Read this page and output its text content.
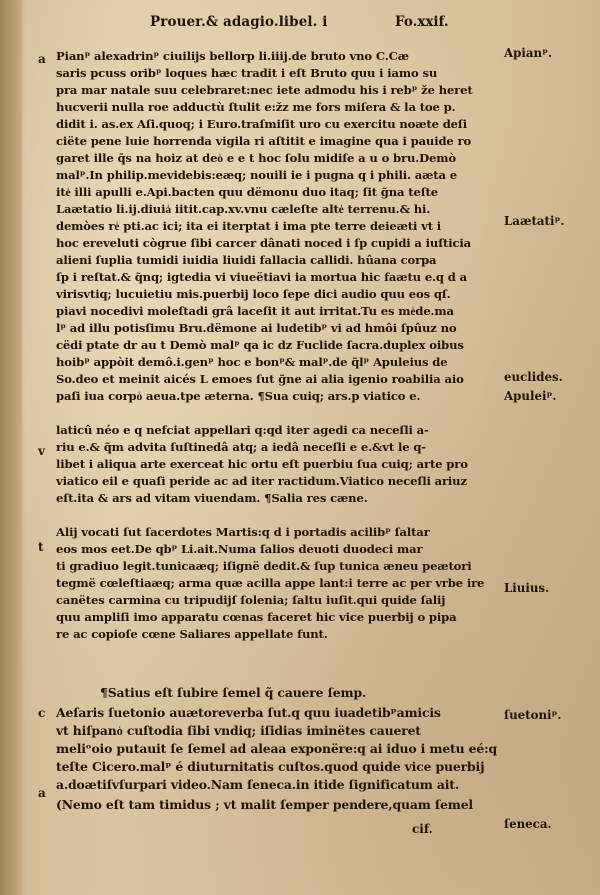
Prouer.& adagio.libel. i	Fo.xxif.
a
v
t
c
a
Pianᵖ alexadrinᵖ ciuilijs bellorp li.iiij.de bruto vno C.Cæ
saris pcuss oribᵖ loques hæc tradit i eſt Bruto quu i iamo su
pra mar natale suu celebraret:nec iete admodu his i rebᵖ že heret
hucverii nulla roe adductù ſtulit e:žz me fors miſera & la toe p.
didit i. as.ex Aſi.quoq; i Euro.traſmiſit uro cu exercitu noæte deſi
ciëte pene luie horrenda vigila ri aſtitit e imagine qua i pauide ro
garet ille q̄s na hoiz at deo͑ e e t hoc ſolu midiſe a u o bru.Demò
malᵖ.In philip.mevidebis:eæq; nouili ie i pugna q i phili. aæta e
ite͑ illi apulli e.Api.bacten quu dëmonu duo itaq; ſit g̃na teſte
Laætatio li.ij.diuia͑ iitit.cap.xv.vnu cæleſte alte͑ terrenu.& hi.
demòes re͑ pti.ac ici; ita ei iterptat i ima pte terre deieæti vt i
hoc ereveluti cògrue ſibi carcer dânati noced i ſp cupidi a iuſticia
alieni ſuplia tumidi iuidia liuidi fallacia callidi. hûana corpa
ſp i reſtat.& q̃nq; igtedia vi viueëtiavi ia mortua hic faætu e.q d a
virisvtiq; lucuietiu mis.puerbij loco ſepe dici audio quu eos qſ.
piavi nocedivi moleſtadi grâ laceſit it aut irritat.Tu es me͑de.ma
lᵖ ad illu potisſimu Bru.dëmone ai ludetibᵖ vi ad hmôi ſpûuz no
cëdi ptate dr au t Demò malᵖ qa ic dz Fuclide ſacra.duplex oibus
hoibᵖ appòit demô.i.genᵖ hoc e bonᵖ& malᵖ.de q̃lᵖ Apuleius de
So.deo et meinit aicés L emoes ſut g̃ne ai alia igenio roabilia aio
paſi iua corpo͑ aeua.tpe æterna. ¶Sua cuiq; ars.p viatico e.
laticû néo e q nefciat appellari q:qd iter agedi ca neceſli a-
riu e.& q̃m advita ſuſtinedâ atq; a iedâ neceſli e e.&vt le q-
libet i aliqua arte exerceat hic ortu eſt puerbiu ſua cuiq; arte pro
viatico eil e quaſi peride ac ad iter ractidum.Viatico neceſli ariuz
eſt.ita & ars ad vitam viuendam. ¶Salia res cæne.
Alij vocati ſut ſacerdotes Martis:q d i portadis acilibᵖ ſaltar
eos mos eet.De qbᵖ Li.ait.Numa ſalios deuoti duodeci mar
ti gradiuo legit.tunicaæq; iſignë dedit.& ſup tunica æneu peætori
tegmë cœleſtiaæq; arma quæ acilla appe lant:i terre ac per vrbe ire
canëtes carmina cu tripudijſ ſolenia; ſaltu iuſit.qui quide ſalij
quu ampliſi imo apparatu cœnas faceret hic vice puerbij o pipa
re ac copioſe cœne Saliares appellate funt.
¶Satius eſt ſubire ſemel q̃ cauere ſemp.
Aeſaris ſuetonio auætoreverba ſut.q quu iuadetibᵖamicis
vt hiſpano͑ cuſtodia ſibi vndiq; iſidias iminëtes caueret
meliᵒoio putauit ſe ſemel ad aleaa exponëre:q ai iduo i metu eé:q
teſte Cicero.malᵖ é diuturnitatis cuſtos.quod quide vice puerbij
a.doætiſvſurpari video.Nam ſeneca.in itide ſignificatum ait.
(Nemo eſt tam timidus ; vt malit ſemper pendere,quam ſemel
Apianᵖ.
Laætatiᵖ.
euclides.
Apuleiᵖ.
Liuius.
ſuetoniᵖ.
ſeneca.
cif.
